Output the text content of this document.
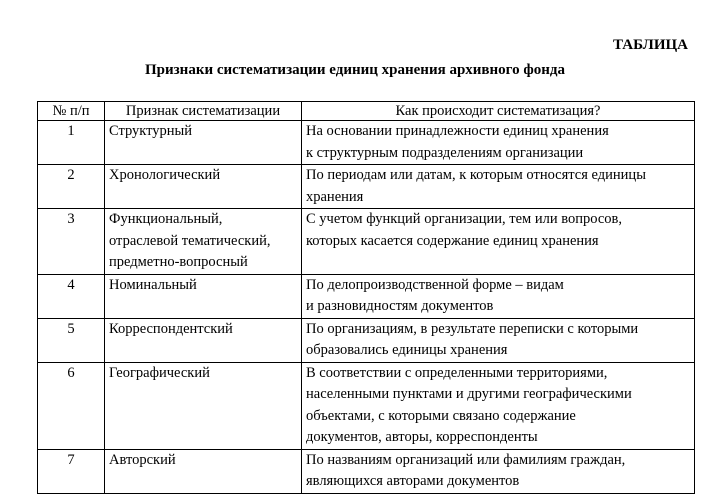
ТАБЛИЦА
Признаки систематизации единиц хранения архивного фонда
№ п/п	Признак систематизации	Как происходит систематизация?
1	Структурный	На основании принадлежности единиц хранения
к структурным подразделениям организации

2	Хронологический	По периодам или датам, к которым относятся единицы
хранения

3	Функциональный,
отраслевой тематический,
предметно-вопросный	С учетом функций организации, тем или вопросов,
которых касается содержание единиц хранения

4	Номинальный	По делопроизводственной форме – видам
и разновидностям документов

5	Корреспондентский	По организациям, в результате переписки с которыми
образовались единицы хранения

6	Географический	В соответствии с определенными территориями,
населенными пунктами и другими географическими
объектами, с которыми связано содержание
документов, авторы, корреспонденты

7	Авторский	По названиям организаций или фамилиям граждан,
являющихся авторами документов
